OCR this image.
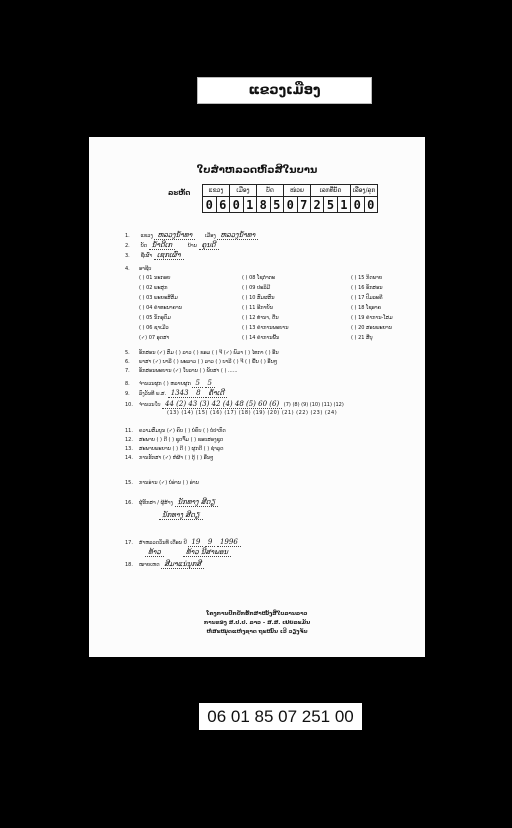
ແຂວງເມືອງ
ໃບສຳຫລວດຫົວສີໃນບານ
ລະຫັດ	ແຂວງ		ເມືອງ		ບັດ		ໜ່ວຍ		ເລກທີ່ບັດ			ເລືອງ/ລຸກ	
0	6	0	1	8	5	0	7	2	5	1	0	0
1. ແຂວງ ຫລວງນ້ຳທາ	ເມືອງ ຫລວງນ້ຳທາ
2. ບັດ ນ້ຳດີເກ	ບ້ານ ຄູນດີ
3. ຊື່ເຜົ່າ ເຊກເຜົ່າ
4. ອາຊີບ
( ) 01 ນະກອຍ
( ) 02 ພະສຸກ
( ) 03 ພະຍະສີສັມ
( ) 04 ຄຳທະນາຄານ
( ) 05 ນັກອຸດົມ
( ) 06 ຊາເມີວ
(✓) 07 ອຸດສາ
( ) 08 ໂຊຕໍາຕະ
( ) 09 ປະລິມີ
( ) 10 ສົມຜສົນ
( ) 11 ອີກາຍັນ
( ) 12 ທຳນາ, ຕື່ນ
( ) 13 ຄຳການພະຍານ
( ) 14 ຄຳການພື້ນ
( ) 15 ກິດພາຍ
( ) 16 ອັກສອນ
( ) 17 ປົມລະຄີ
( ) 18 ໂຊອາຄ
( ) 19 ຄຳການ-ໂສມ
( ) 20 ສອນພະຍານ
( ) 21 ສີ່ບຸ
5. ອັກສອນ (✓) ສົມ ( ) ລາວ ( ) ຂອມ ( ) ຈີ (✓) ພົມາ ( ) ໄທກາ ( ) ອື່ນ
6. ພາສາ (✓) ບາລີ ( ) ພະລາວ ( ) ລາວ ( ) ບາລີ ( ) ຈີ ( ) ພື້ນ ( ) ອື່ນໆ
7. ອັກສອນພະຍານ (✓) ໃບລານ ( ) ພັບສາ ( ) ......
8. ຈຳນວນຜູກ ( ) ຫລາຍຜູກ 5 5
9. ລົງວັນທີ ພ.ສ. 1343 8 ຄ້ຳເດີ
10. ຈຳນວນໃບ 44 (2) 43 (3) 42 (4) 48 (5) 60 (6) (7) (8) (9) (10) (11) (12)
(13) (14) (15) (16) (17) (18) (19) (20) (21) (22) (23) (24)
11. ຄວາມສົມບູນ (✓) ຄົບ ( ) ບໍ່ຄົບ ( ) ບໍ່ປາກົດ
12. ສະພາບ ( ) ດີ ( ) ຊຸດຈົ້ມ ( ) ຂອບສອງຊຸດ
13. ສະພາບພະຍານ ( ) ດີ ( ) ຜູກດີ ( ) ຊຳລຸດ
14. ການຮັກສາ (✓) ຫໍ່ຜ້າ ( ) ຕູ້ ( ) ອື່ນໆ
15. ການອ່ານ (✓) ບໍ່ອ່ານ ( ) ອ່ານ
16. ຜູ້ຮັກສາ / ຜູ້ສ້າງ ນັກທາງ ສີດຽ
ນັກທາງ ສີດຽ
17. ສຳຫລວດວັນທີ ເດືອນ ປີ 19 9 1996
ທ້າວ	ທ້າວ ນີສາພອນ
18. ໝາຍເຫດ ສີມາແນ່ນຸກສີ
ໂຄງການປົກປັກຮັກສາໜັງສືໃບລານລາວ
ການຂອງ ສ.ປ.ປ. ລາວ - ສ.ສ. ເຢຍລະມັນ
ຫໍສະໝຸດແຫ່ງຊາດ ຖະໜົນ ເວີ ວຽງຈັນ
06 01 85 07 251 00
